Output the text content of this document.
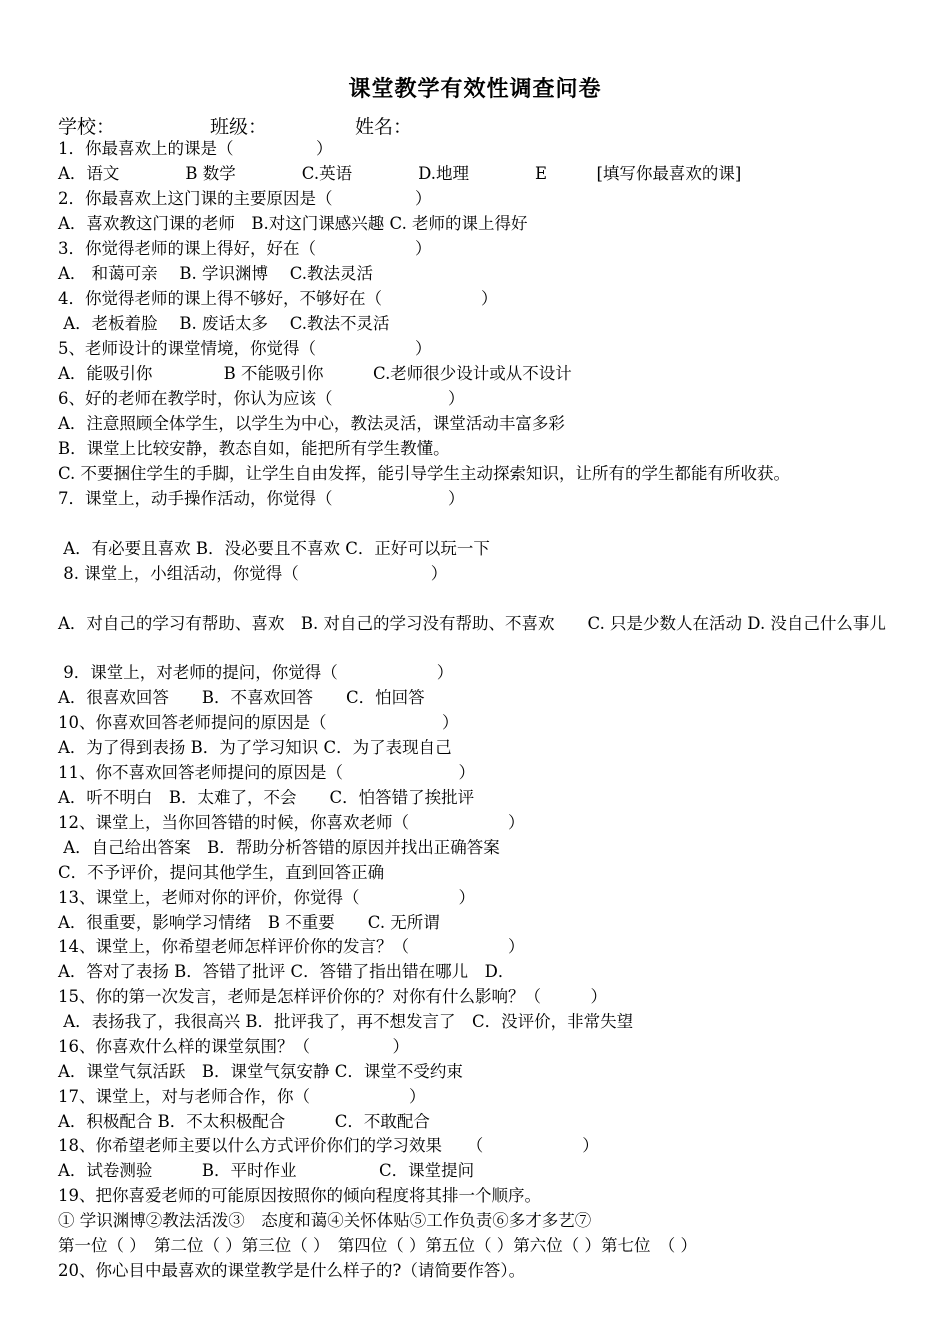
课堂教学有效性调查问卷
学校：	班级：	姓名：
1．你最喜欢上的课是（　　　　　）
A．语文　　　　B 数学　　　　C.英语　　　　D.地理　　　　E　　　[填写你最喜欢的课]
2．你最喜欢上这门课的主要原因是（　　　　　）
A．喜欢教这门课的老师　B.对这门课感兴趣 C. 老师的课上得好
3．你觉得老师的课上得好，好在（　　　　　　）
A． 和蔼可亲　 B. 学识渊博　 C.教法灵活
4．你觉得老师的课上得不够好，不够好在（　　　　　　）
A．老板着脸　 B. 废话太多　 C.教法不灵活
5、老师设计的课堂情境，你觉得（　　　　　　）
A．能吸引你　　　　 B 不能吸引你　　　C.老师很少设计或从不设计
6、好的老师在教学时，你认为应该（　　　　　　　）
A．注意照顾全体学生，以学生为中心，教法灵活，课堂活动丰富多彩
B．课堂上比较安静，教态自如，能把所有学生教懂。
C. 不要捆住学生的手脚，让学生自由发挥，能引导学生主动探索知识，让所有的学生都能有所收获。
7．课堂上，动手操作活动，你觉得（　　　　　　　）
A．有必要且喜欢 B．没必要且不喜欢 C．正好可以玩一下
8. 课堂上，小组活动，你觉得（　　　　　　　　）
A．对自己的学习有帮助、喜欢　B. 对自己的学习没有帮助、不喜欢　　C. 只是少数人在活动 D. 没自己什么事儿
9．课堂上，对老师的提问，你觉得（　　　　　　）
A．很喜欢回答　　B．不喜欢回答　　C．怕回答
10、你喜欢回答老师提问的原因是（　　　　　　　）
A．为了得到表扬 B．为了学习知识 C．为了表现自己
11、你不喜欢回答老师提问的原因是（　　　　　　　）
A．听不明白　B．太难了，不会　　C．怕答错了挨批评
12、课堂上，当你回答错的时候，你喜欢老师（　　　　　　）
A．自己给出答案　B．帮助分析答错的原因并找出正确答案
C．不予评价，提问其他学生，直到回答正确
13、课堂上，老师对你的评价，你觉得（　　　　　　）
A．很重要，影响学习情绪　B 不重要　　C. 无所谓
14、课堂上，你希望老师怎样评价你的发言？（　　　　　　）
A．答对了表扬 B．答错了批评 C．答错了指出错在哪儿　D．
15、你的第一次发言，老师是怎样评价你的？对你有什么影响？（　　　）
A．表扬我了，我很高兴 B．批评我了，再不想发言了　C．没评价，非常失望
16、你喜欢什么样的课堂氛围？（　　　　　）
A．课堂气氛活跃　B．课堂气氛安静 C．课堂不受约束
17、课堂上，对与老师合作，你（　　　　　　）
A．积极配合 B．不太积极配合　　　C．不敢配合
18、你希望老师主要以什么方式评价你们的学习效果　　（　　　　　　）
A．试卷测验　　　B．平时作业　　　　　C．课堂提问
19、把你喜爱老师的可能原因按照你的倾向程度将其排一个顺序。
① 学识渊博②教法活泼③　态度和蔼④关怀体贴⑤工作负责⑥多才多艺⑦
第一位（ ）　第二位（ ）第三位（ ）　第四位（ ）第五位（ ）第六位（ ）第七位　（ ）
20、你心目中最喜欢的课堂教学是什么样子的?（请简要作答）。
